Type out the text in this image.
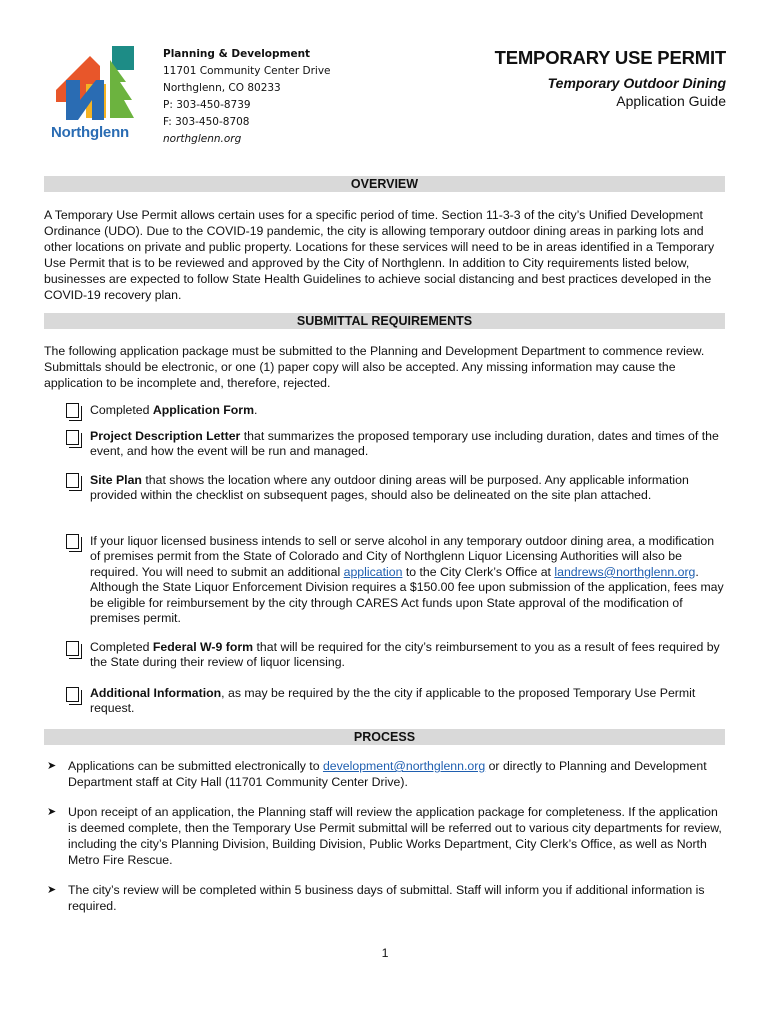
Northglenn
Planning & Development
11701 Community Center Drive
Northglenn, CO 80233
P: 303-450-8739
F: 303-450-8708
northglenn.org
TEMPORARY USE PERMIT
Temporary Outdoor Dining
Application Guide
OVERVIEW
A Temporary Use Permit allows certain uses for a specific period of time. Section 11-3-3 of the city’s Unified Development Ordinance (UDO). Due to the COVID-19 pandemic, the city is allowing temporary outdoor dining areas in parking lots and other locations on private and public property. Locations for these services will need to be in areas identified in a Temporary Use Permit that is to be reviewed and approved by the City of Northglenn. In addition to City requirements listed below, businesses are expected to follow State Health Guidelines to achieve social distancing and best practices developed in the COVID-19 recovery plan.
SUBMITTAL REQUIREMENTS
The following application package must be submitted to the Planning and Development Department to commence review. Submittals should be electronic, or one (1) paper copy will also be accepted. Any missing information may cause the application to be incomplete and, therefore, rejected.
Completed Application Form.
Project Description Letter that summarizes the proposed temporary use including duration, dates and times of the event, and how the event will be run and managed.
Site Plan that shows the location where any outdoor dining areas will be purposed. Any applicable information provided within the checklist on subsequent pages, should also be delineated on the site plan attached.
If your liquor licensed business intends to sell or serve alcohol in any temporary outdoor dining area, a modification of premises permit from the State of Colorado and City of Northglenn Liquor Licensing Authorities will also be required. You will need to submit an additional application to the City Clerk’s Office at landrews@northglenn.org. Although the State Liquor Enforcement Division requires a $150.00 fee upon submission of the application, fees may be eligible for reimbursement by the city through CARES Act funds upon State approval of the modification of premises permit.
Completed Federal W-9 form that will be required for the city’s reimbursement to you as a result of fees required by the State during their review of liquor licensing.
Additional Information, as may be required by the the city if applicable to the proposed Temporary Use Permit request.
PROCESS
➤ Applications can be submitted electronically to development@northglenn.org or directly to Planning and Development Department staff at City Hall (11701 Community Center Drive).
➤ Upon receipt of an application, the Planning staff will review the application package for completeness. If the application is deemed complete, then the Temporary Use Permit submittal will be referred out to various city departments for review, including the city’s Planning Division, Building Division, Public Works Department, City Clerk’s Office, as well as North Metro Fire Rescue.
➤ The city’s review will be completed within 5 business days of submittal. Staff will inform you if additional information is required.
1
